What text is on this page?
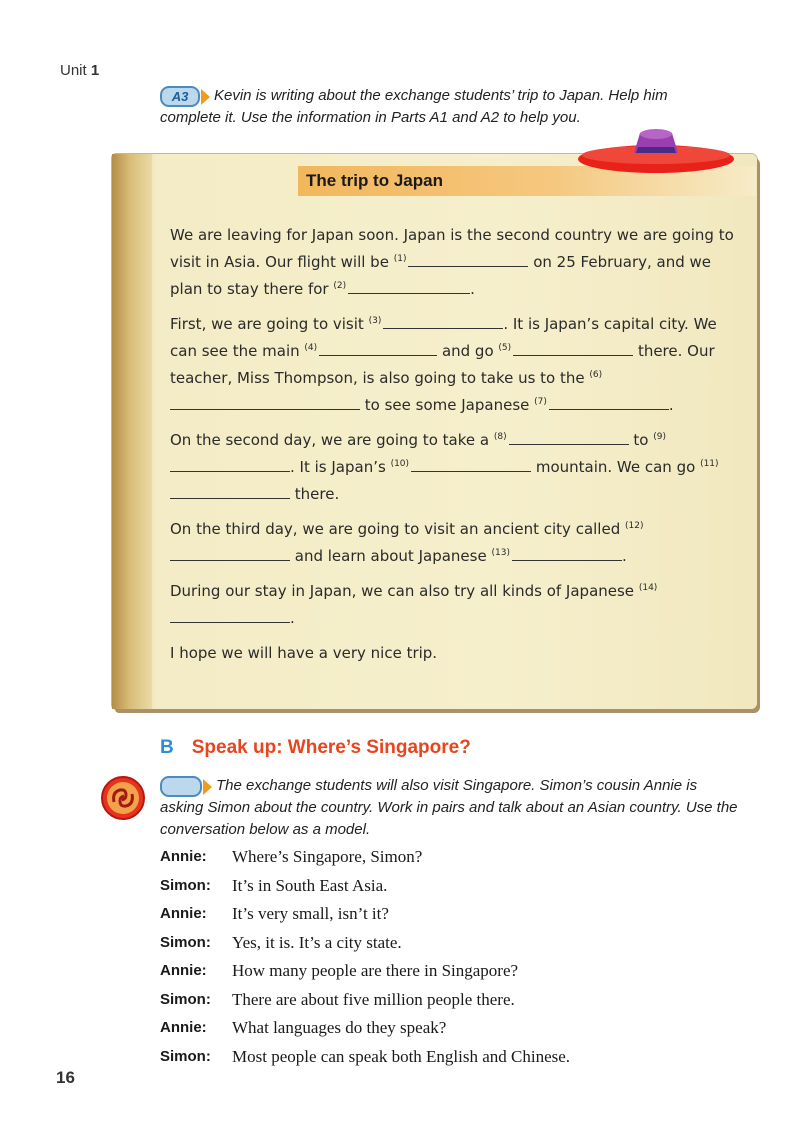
Unit 1
A3 Kevin is writing about the exchange students’ trip to Japan. Help him complete it. Use the information in Parts A1 and A2 to help you.
The trip to Japan

We are leaving for Japan soon. Japan is the second country we are going to visit in Asia. Our flight will be $^{(1)}$	on 25 February, and we plan to stay there for $^{(2)}$	.

First, we are going to visit $^{(3)}$	. It is Japan’s capital city. We can see the main $^{(4)}$	and go $^{(5)}$	there. Our teacher, Miss Thompson, is also going to take us to the $^{(6)}$ to see some Japanese $^{(7)}$	.

On the second day, we are going to take a $^{(8)}$	to $^{(9)}$. It is Japan’s $^{(10)}$	mountain. We can go $^{(11)}$ there.

On the third day, we are going to visit an ancient city called $^{(12)}$ and learn about Japanese $^{(13)}$	.

During our stay in Japan, we can also try all kinds of Japanese $^{(14)}$.

I hope we will have a very nice trip.

B Speak up: Where’s Singapore?

The exchange students will also visit Singapore. Simon’s cousin Annie is asking Simon about the country. Work in pairs and talk about an Asian country. Use the conversation below as a model.
Annie: Where’s Singapore, Simon?
Simon: It’s in South East Asia.
Annie: It’s very small, isn’t it?
Simon: Yes, it is. It’s a city state.
Annie: How many people are there in Singapore?
Simon: There are about five million people there.
Annie: What languages do they speak?
Simon: Most people can speak both English and Chinese.
16
